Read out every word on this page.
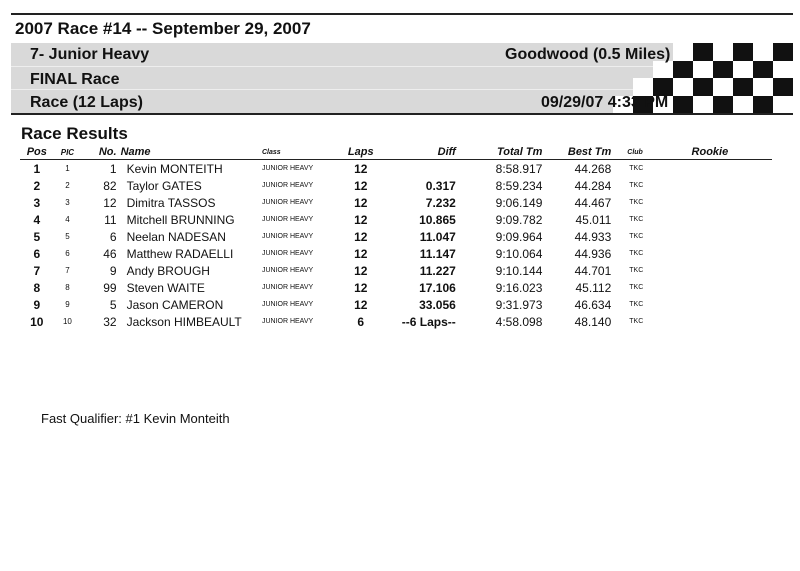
2007 Race #14 -- September 29, 2007
7- Junior Heavy
FINAL Race
Race (12 Laps)
Goodwood (0.5 Miles)
09/29/07 4:33 PM
Race Results
Pos	PIC	No.	Name	Class	Laps	Diff	Total Tm	Best Tm	Club	Rookie
1	1	1	Kevin MONTEITH	JUNIOR HEAVY	12		8:58.917	44.268	TKC	
2	2	82	Taylor GATES	JUNIOR HEAVY	12	0.317	8:59.234	44.284	TKC	
3	3	12	Dimitra TASSOS	JUNIOR HEAVY	12	7.232	9:06.149	44.467	TKC	
4	4	11	Mitchell BRUNNING	JUNIOR HEAVY	12	10.865	9:09.782	45.011	TKC	
5	5	6	Neelan NADESAN	JUNIOR HEAVY	12	11.047	9:09.964	44.933	TKC	
6	6	46	Matthew RADAELLI	JUNIOR HEAVY	12	11.147	9:10.064	44.936	TKC	
7	7	9	Andy BROUGH	JUNIOR HEAVY	12	11.227	9:10.144	44.701	TKC	
8	8	99	Steven WAITE	JUNIOR HEAVY	12	17.106	9:16.023	45.112	TKC	
9	9	5	Jason CAMERON	JUNIOR HEAVY	12	33.056	9:31.973	46.634	TKC	
10	10	32	Jackson HIMBEAULT	JUNIOR HEAVY	6	--6 Laps--	4:58.098	48.140	TKC	
Fast Qualifier: #1 Kevin Monteith
